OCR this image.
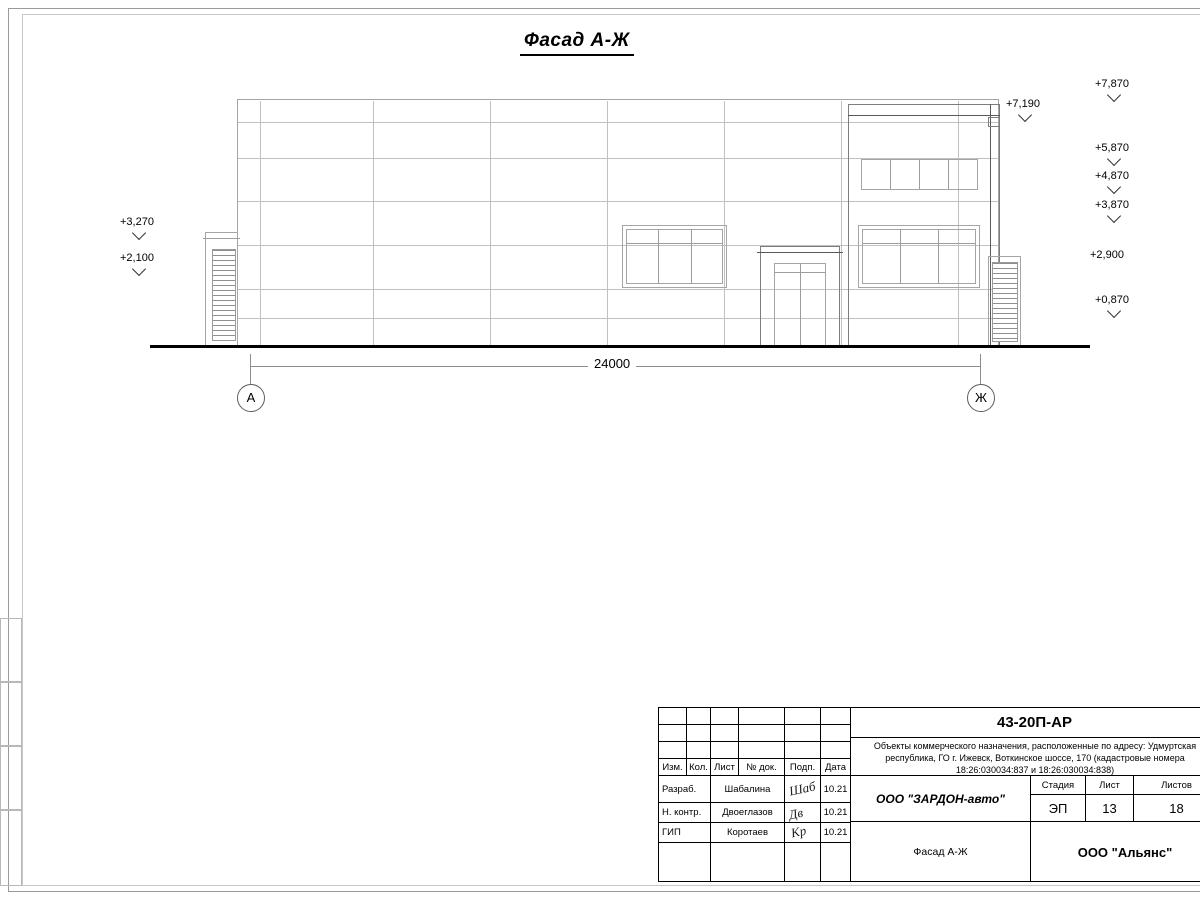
Фасад А-Ж
+7,870
+7,190
+5,870
+4,870
+3,870
+2,900
+0,870
+3,270
+2,100
24000
А	Ж
Изм. Кол. Лист	№ док.	Подп.	Дата
Разраб.	Шабалина	10.21
Н. контр.	Двоеглазов	10.21
ГИП	Коротаев	10.21
Шаб
Дв
Кр
43-20П-АР
Объекты коммерческого назначения, расположенные по адресу: Удмуртская республика, ГО г. Ижевск, Воткинское шоссе, 170 (кадастровые номера 18:26:030034:837 и 18:26:030034:838)
ООО "ЗАРДОН-авто"
Стадия	Лист	Листов
ЭП	13	18
Фасад А-Ж	ООО "Альянс"
